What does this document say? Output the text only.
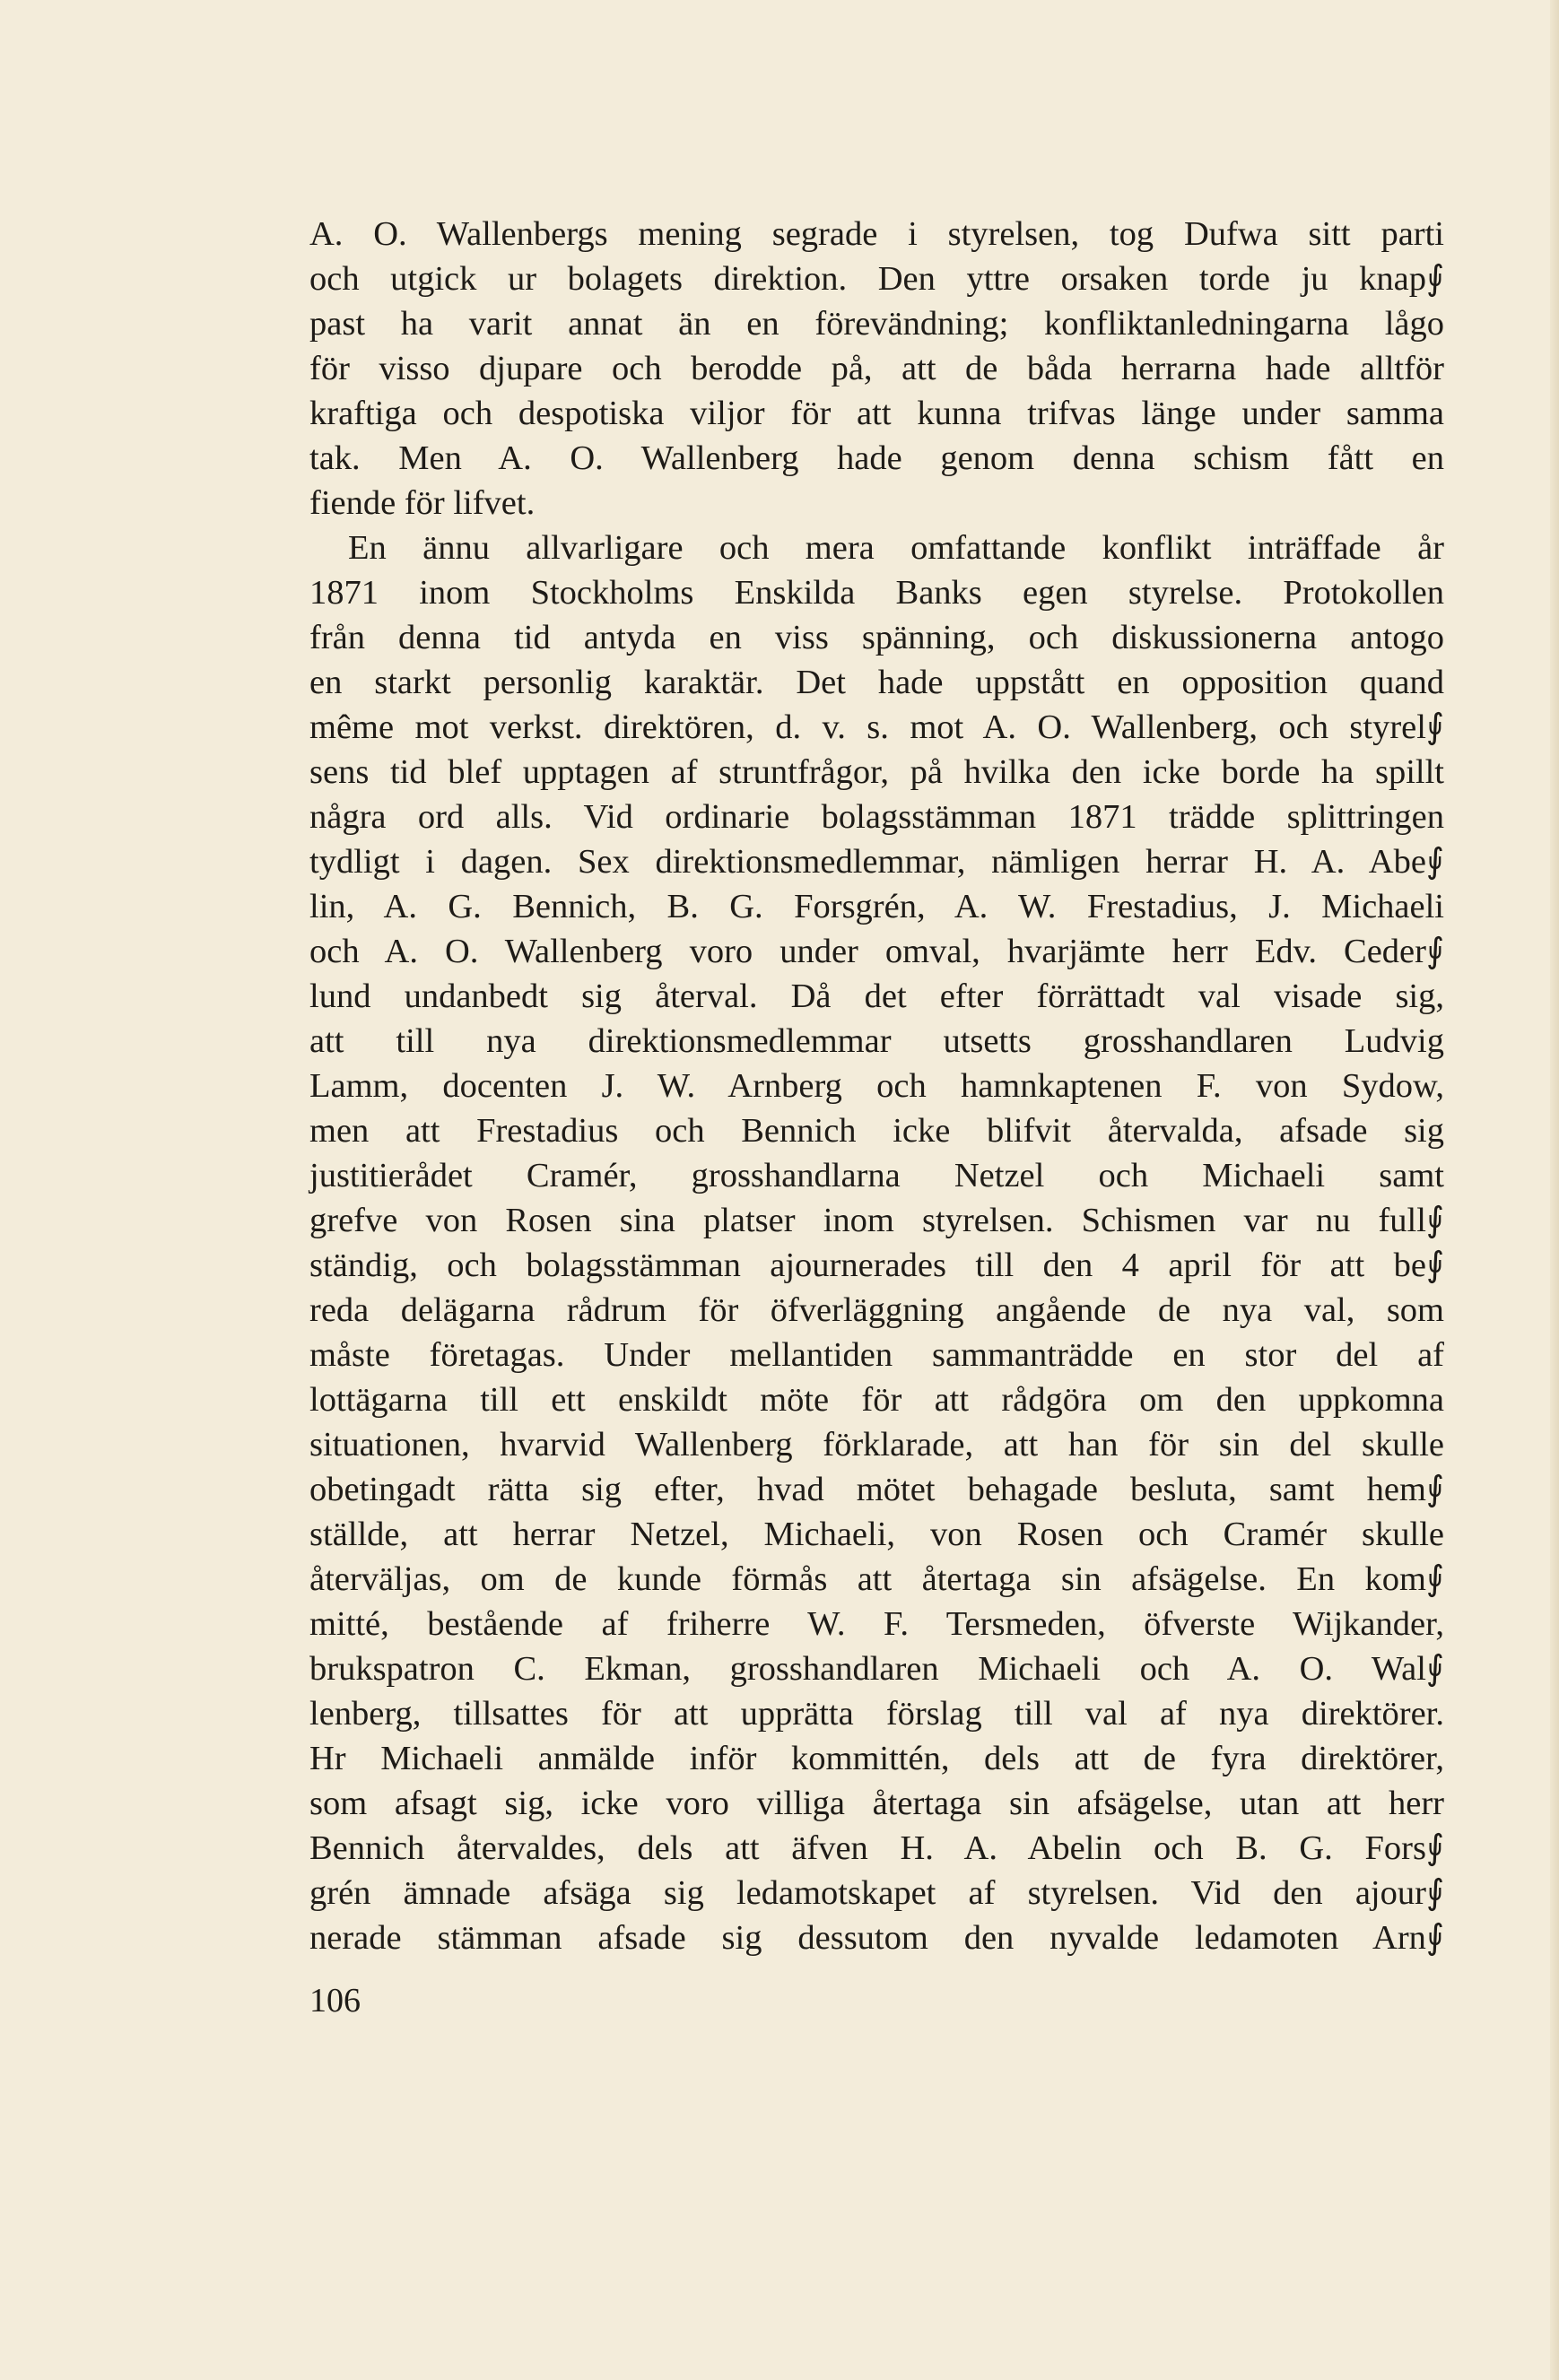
A. O. Wallenbergs mening segrade i styrelsen, tog Dufwa sitt parti
och utgick ur bolagets direktion. Den yttre orsaken torde ju knap⨚
past ha varit annat än en förevändning; konfliktanledningarna lågo
för visso djupare och berodde på, att de båda herrarna hade alltför
kraftiga och despotiska viljor för att kunna trifvas länge under samma
tak. Men A. O. Wallenberg hade genom denna schism fått en
fiende för lifvet.
En ännu allvarligare och mera omfattande konflikt inträffade år
1871 inom Stockholms Enskilda Banks egen styrelse. Protokollen
från denna tid antyda en viss spänning, och diskussionerna antogo
en starkt personlig karaktär. Det hade uppstått en opposition quand
même mot verkst. direktören, d. v. s. mot A. O. Wallenberg, och styrel⨚
sens tid blef upptagen af struntfrågor, på hvilka den icke borde ha spillt
några ord alls. Vid ordinarie bolagsstämman 1871 trädde splittringen
tydligt i dagen. Sex direktionsmedlemmar, nämligen herrar H. A. Abe⨚
lin, A. G. Bennich, B. G. Forsgrén, A. W. Frestadius, J. Michaeli
och A. O. Wallenberg voro under omval, hvarjämte herr Edv. Ceder⨚
lund undanbedt sig återval. Då det efter förrättadt val visade sig,
att till nya direktionsmedlemmar utsetts grosshandlaren Ludvig
Lamm, docenten J. W. Arnberg och hamnkaptenen F. von Sydow,
men att Frestadius och Bennich icke blifvit återvalda, afsade sig
justitierådet Cramér, grosshandlarna Netzel och Michaeli samt
grefve von Rosen sina platser inom styrelsen. Schismen var nu full⨚
ständig, och bolagsstämman ajournerades till den 4 april för att be⨚
reda delägarna rådrum för öfverläggning angående de nya val, som
måste företagas. Under mellantiden sammanträdde en stor del af
lottägarna till ett enskildt möte för att rådgöra om den uppkomna
situationen, hvarvid Wallenberg förklarade, att han för sin del skulle
obetingadt rätta sig efter, hvad mötet behagade besluta, samt hem⨚
ställde, att herrar Netzel, Michaeli, von Rosen och Cramér skulle
återväljas, om de kunde förmås att återtaga sin afsägelse. En kom⨚
mitté, bestående af friherre W. F. Tersmeden, öfverste Wijkander,
brukspatron C. Ekman, grosshandlaren Michaeli och A. O. Wal⨚
lenberg, tillsattes för att upprätta förslag till val af nya direktörer.
Hr Michaeli anmälde inför kommittén, dels att de fyra direktörer,
som afsagt sig, icke voro villiga återtaga sin afsägelse, utan att herr
Bennich återvaldes, dels att äfven H. A. Abelin och B. G. Fors⨚
grén ämnade afsäga sig ledamotskapet af styrelsen. Vid den ajour⨚
nerade stämman afsade sig dessutom den nyvalde ledamoten Arn⨚
106
